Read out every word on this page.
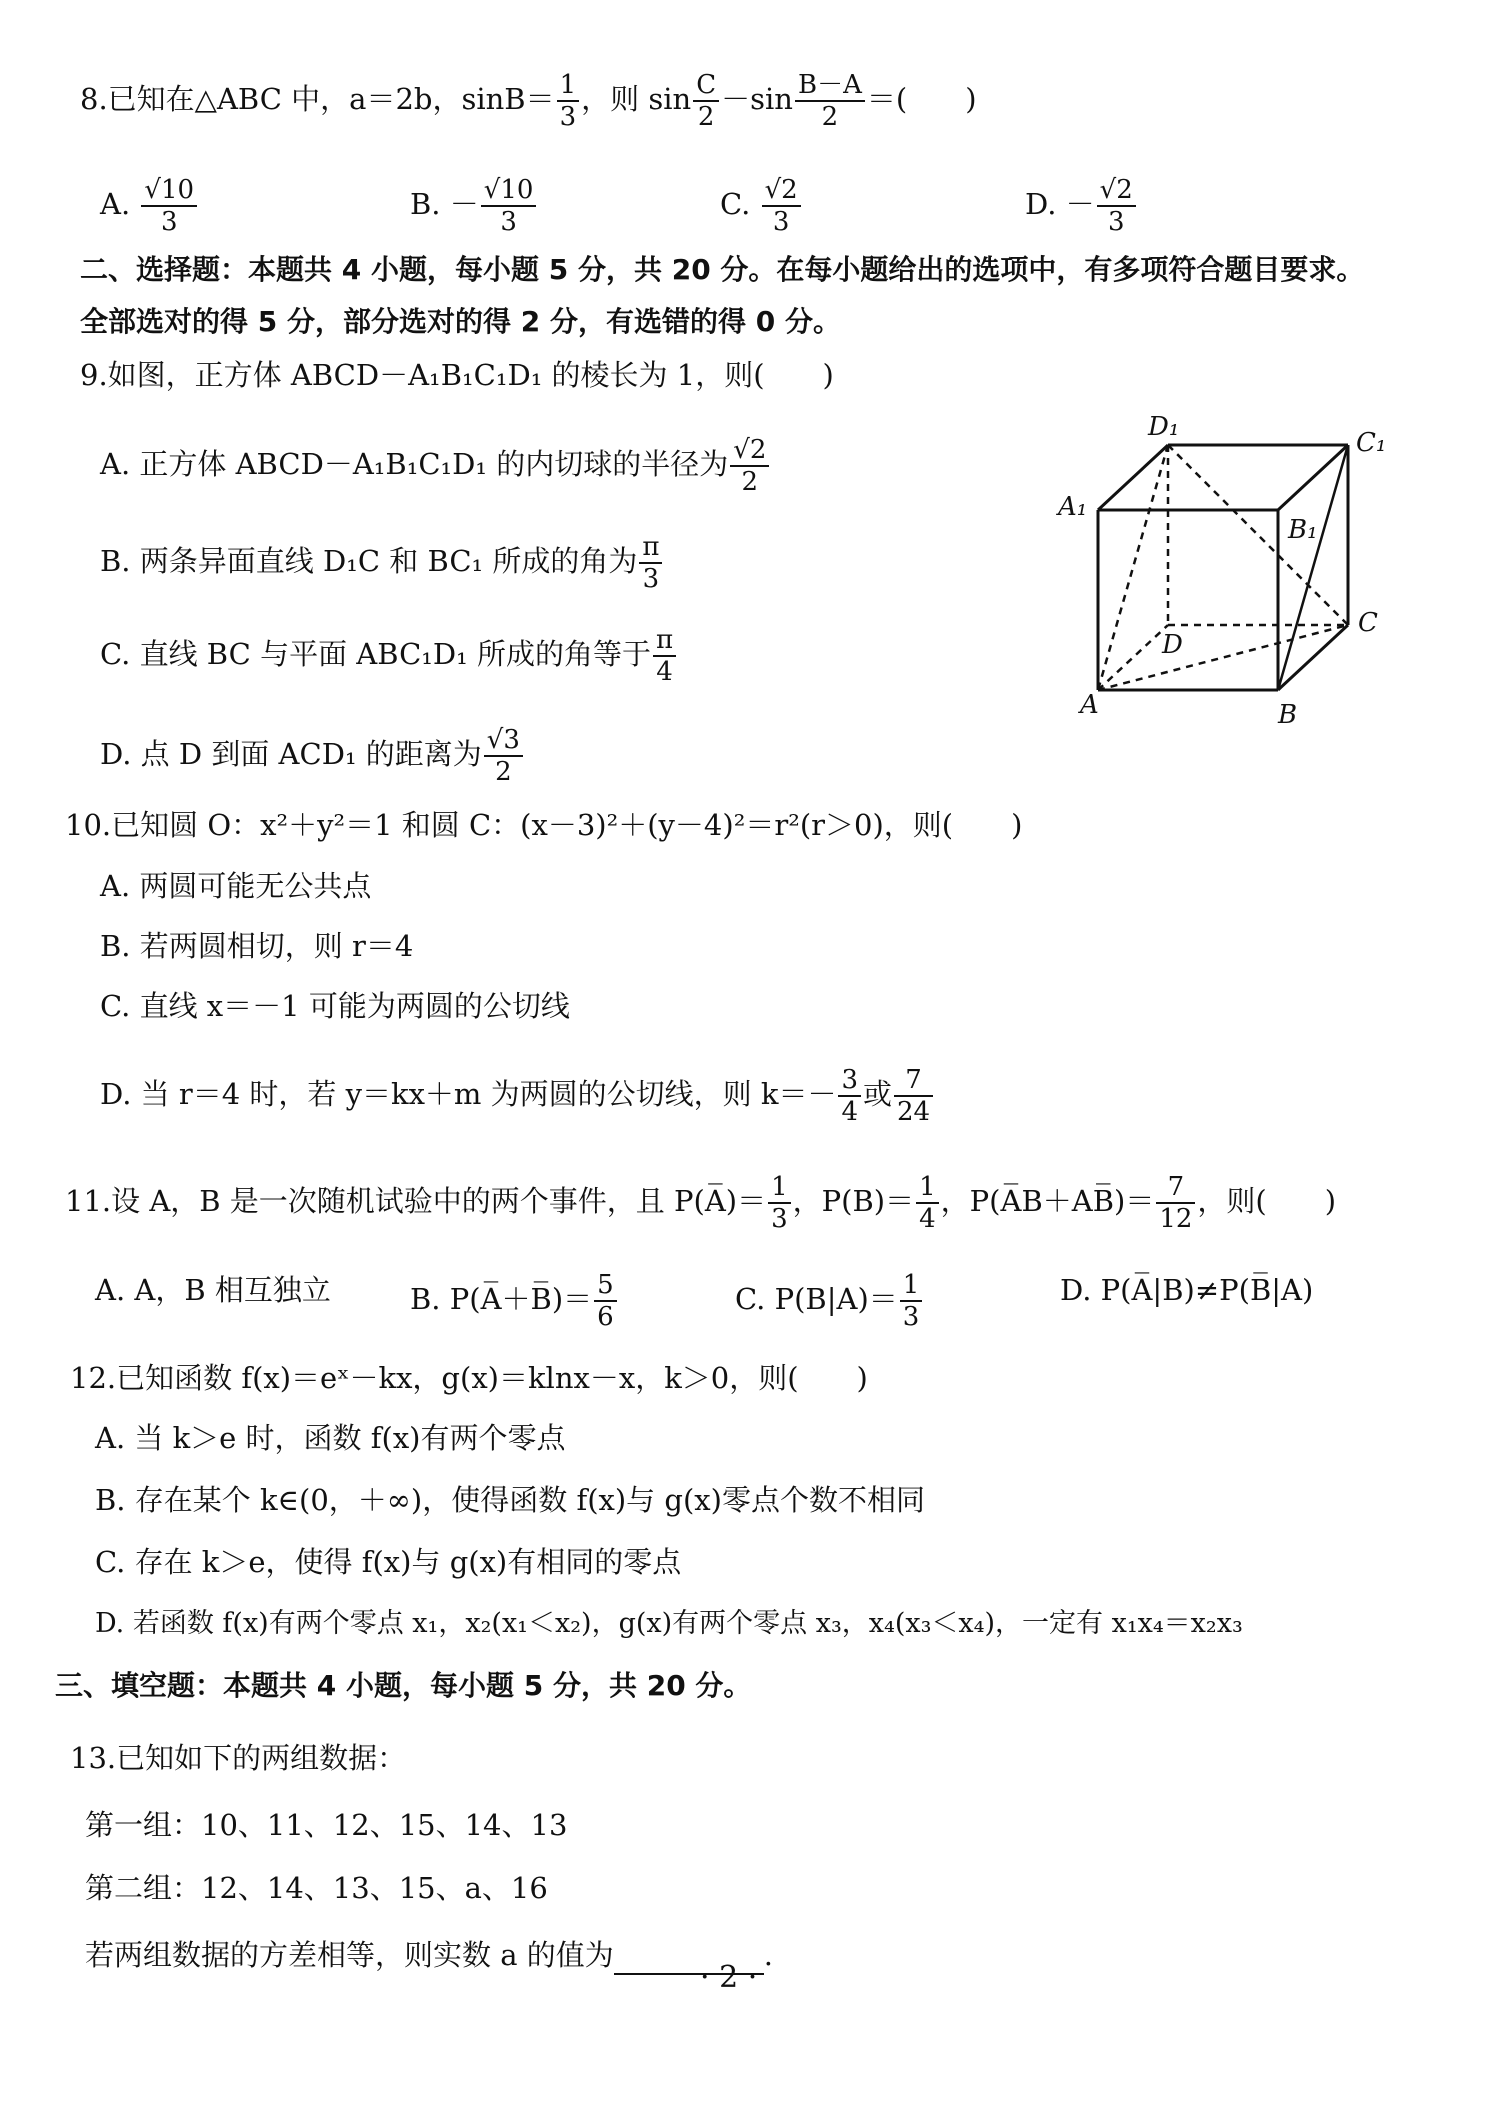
8.已知在△ABC 中，a＝2b，$\sin B= \frac{1}{3}$ ，则 $\sin \frac{C}{2} -\sin \frac{B-A}{2}$ ＝(　　)
A. $\frac{√10}{3}$	B. － $\frac{√10}{3}$	C. $\frac{√2}{3}$	D. － $\frac{√2}{3}$
二、选择题：本题共 4 小题，每小题 5 分，共 20 分。在每小题给出的选项中，有多项符合题目要求。
全部选对的得 5 分，部分选对的得 2 分，有选错的得 0 分。
9.如图，正方体 ABCD－A₁B₁C₁D₁ 的棱长为 1，则(　　)
A. 正方体 ABCD－A₁B₁C₁D₁ 的内切球的半径为 $\frac{√2}{2}$
B. 两条异面直线 D₁C 和 BC₁ 所成的角为 $\frac{\pi}{3}$
C. 直线 BC 与平面 ABC₁D₁ 所成的角等于 $\frac{\pi}{4}$
D. 点 D 到面 ACD₁ 的距离为 $\frac{√3}{2}$
D₁
C₁
A₁
B₁
D
C
A	B
10.已知圆 O：x²＋y²＝1 和圆 C：(x－3)²＋(y－4)²＝r²(r＞0)，则(　　)
A. 两圆可能无公共点
B. 若两圆相切，则 r＝4
C. 直线 x＝－1 可能为两圆的公切线
D. 当 r＝4 时，若 y＝kx＋m 为两圆的公切线，则 $k=- \frac{3}{4}$ 或 $\frac{7}{24}$
11.设 A，B 是一次随机试验中的两个事件，且 P(A̅)＝ $\frac{1}{3}$ ，$P(B)= \frac{1}{4}$ ，P(A̅B＋AB̅)＝ $\frac{7}{12}$ ，则(　　)
A. A，B 相互独立	B. P(A̅＋B̅)＝ $\frac{5}{6}$	C. $P(B|A)= \frac{1}{3}$	D. P(A̅|B)≠P(B̅|A)
12.已知函数 f(x)＝eˣ－kx，g(x)＝klnx－x，k＞0，则(　　)
A. 当 k＞e 时，函数 f(x)有两个零点
B. 存在某个 k∈(0，＋∞)，使得函数 f(x)与 g(x)零点个数不相同
C. 存在 k＞e，使得 f(x)与 g(x)有相同的零点
D. 若函数 f(x)有两个零点 x₁，x₂(x₁＜x₂)，g(x)有两个零点 x₃，x₄(x₃＜x₄)，一定有 x₁x₄＝x₂x₃
三、填空题：本题共 4 小题，每小题 5 分，共 20 分。
13.已知如下的两组数据：
第一组：10、11、12、15、14、13
第二组：12、14、13、15、a、16
若两组数据的方差相等，则实数 a 的值为	.
· 2 ·
